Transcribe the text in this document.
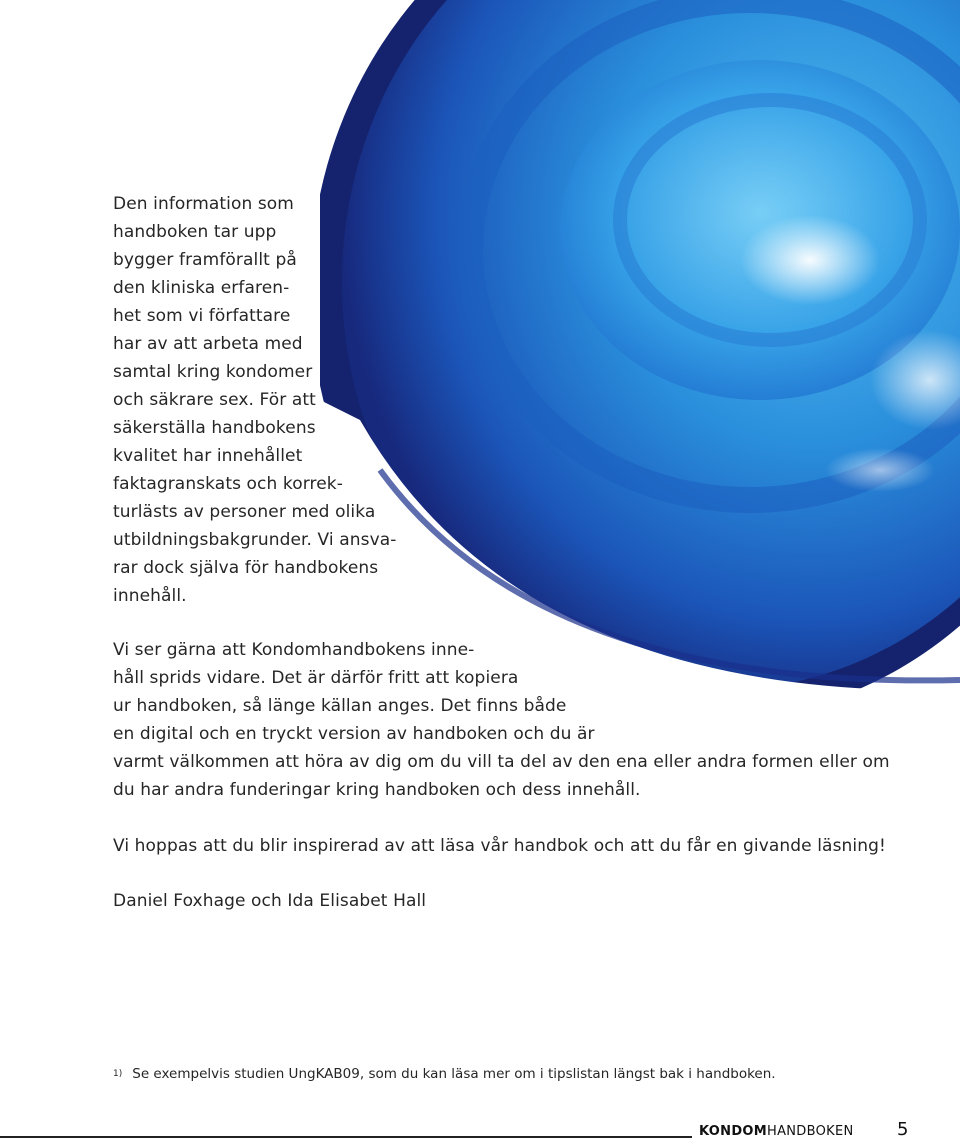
Den information som
handboken tar upp
bygger framförallt på
den kliniska erfaren-
het som vi författare
har av att arbeta med
samtal kring kondomer
och säkrare sex. För att
säkerställa handbokens
kvalitet har innehållet
faktagranskats och korrek-
turlästs av personer med olika
utbildningsbakgrunder. Vi ansva-
rar dock själva för handbokens
innehåll.
Vi ser gärna att Kondomhandbokens inne-
håll sprids vidare. Det är därför fritt att kopiera
ur handboken, så länge källan anges. Det finns både
en digital och en tryckt version av handboken och du är
varmt välkommen att höra av dig om du vill ta del av den ena eller andra formen eller om
du har andra funderingar kring handboken och dess innehåll.
Vi hoppas att du blir inspirerad av att läsa vår handbok och att du får en givande läsning!
Daniel Foxhage och Ida Elisabet Hall
$^{1)}$ Se exempelvis studien UngKAB09, som du kan läsa mer om i tipslistan längst bak i handboken.
KONDOMHANDBOKEN 5
